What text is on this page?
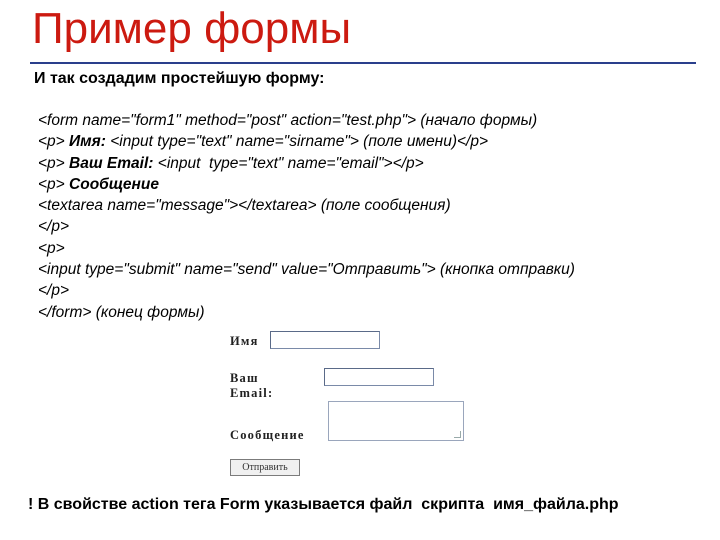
Пример формы
И так создадим простейшую форму:
<form name="form1" method="post" action="test.php"> (начало формы)
<p> Имя: <input type="text" name="sirname"> (поле имени)</p>
<p> Ваш Email: <input  type="text" name="email"></p>
<p> Сообщение
<textarea name="message"></textarea> (поле сообщения)
</p>
<p>
<input type="submit" name="send" value="Отправить"> (кнопка отправки)
</p>
</form> (конец формы)
Имя
Ваш Email:
Сообщение
Отправить
! В свойстве action тега Form указывается файл  скрипта  имя_файла.php
